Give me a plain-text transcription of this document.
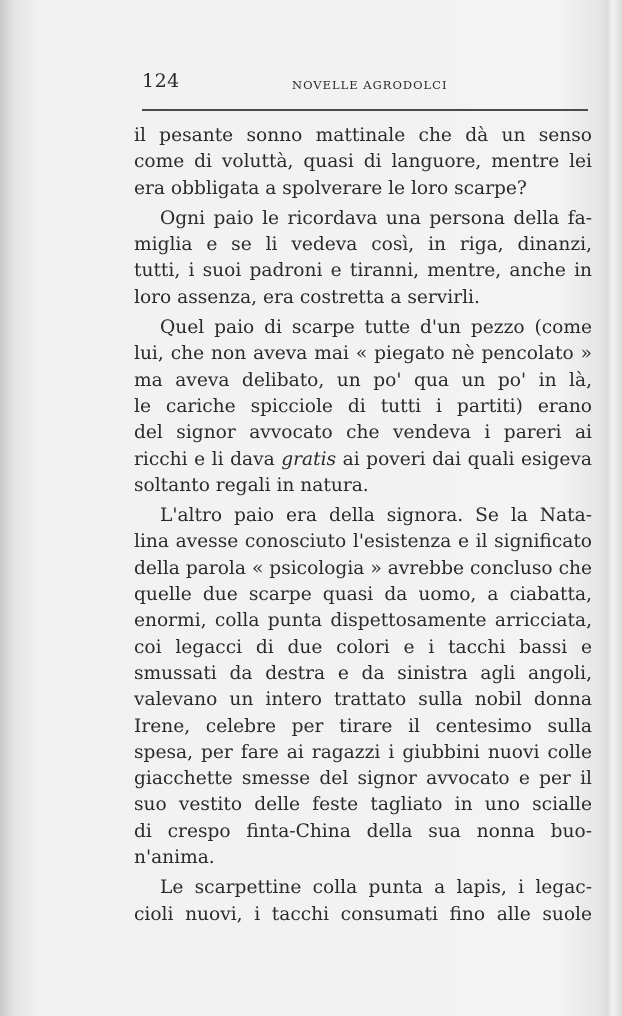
124	NOVELLE AGRODOLCI
il pesante sonno mattinale che dà un senso
come di voluttà, quasi di languore, mentre lei
era obbligata a spolverare le loro scarpe?
Ogni paio le ricordava una persona della fa-
miglia e se li vedeva così, in riga, dinanzi,
tutti, i suoi padroni e tiranni, mentre, anche in
loro assenza, era costretta a servirli.
Quel paio di scarpe tutte d'un pezzo (come
lui, che non aveva mai « piegato nè pencolato »
ma aveva delibato, un po' qua un po' in là,
le cariche spicciole di tutti i partiti) erano
del signor avvocato che vendeva i pareri ai
ricchi e li dava gratis ai poveri dai quali esigeva
soltanto regali in natura.
L'altro paio era della signora. Se la Nata-
lina avesse conosciuto l'esistenza e il significato
della parola « psicologia » avrebbe concluso che
quelle due scarpe quasi da uomo, a ciabatta,
enormi, colla punta dispettosamente arricciata,
coi legacci di due colori e i tacchi bassi e
smussati da destra e da sinistra agli angoli,
valevano un intero trattato sulla nobil donna
Irene, celebre per tirare il centesimo sulla
spesa, per fare ai ragazzi i giubbini nuovi colle
giacchette smesse del signor avvocato e per il
suo vestito delle feste tagliato in uno scialle
di crespo finta-China della sua nonna buo-
n'anima.
Le scarpettine colla punta a lapis, i legac-
cioli nuovi, i tacchi consumati fino alle suole
